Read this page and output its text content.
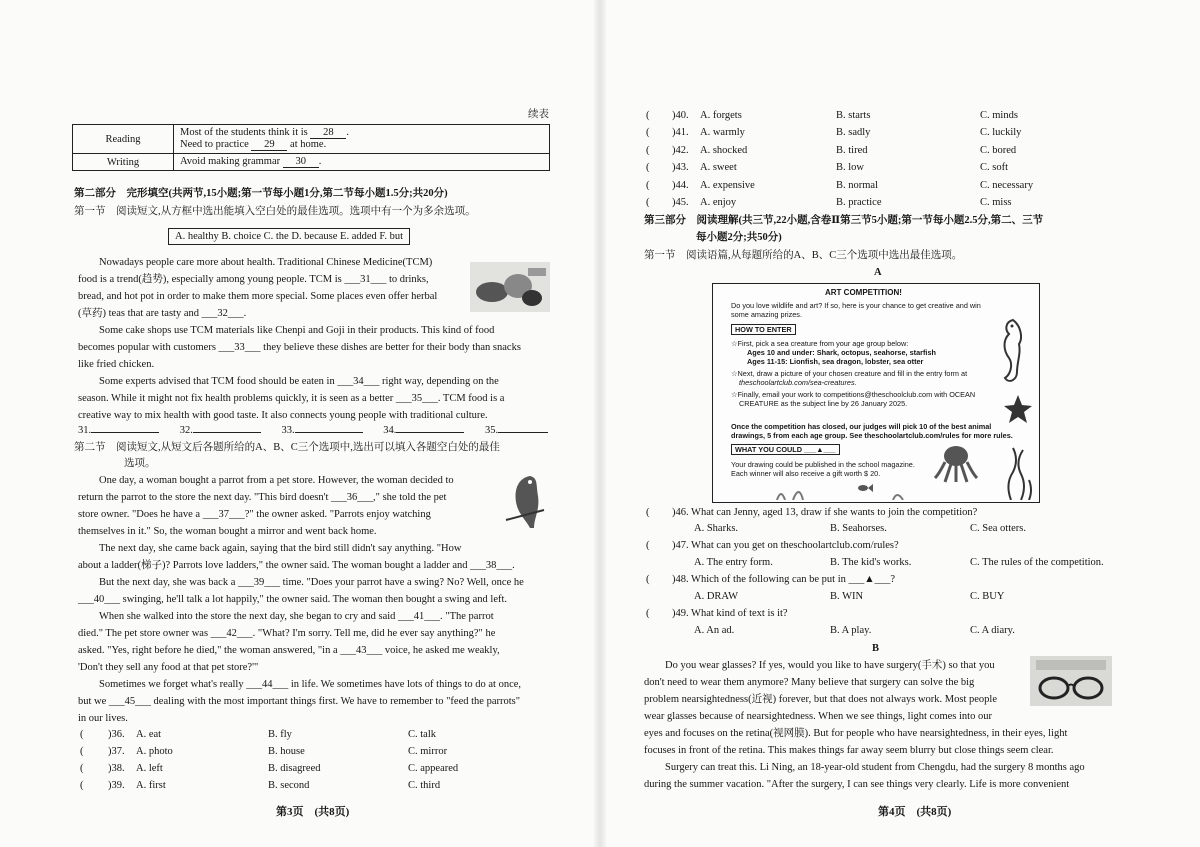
续表
Reading	Most of the students think it is 28 .
Need to practice 29 at home.

Writing	Avoid making grammar 30 .
第二部分　完形填空(共两节,15小题;第一节每小题1分,第二节每小题1.5分;共20分)
第一节　阅读短文,从方框中选出能填入空白处的最佳选项。选项中有一个为多余选项。
A. healthy B. choice C. the D. because E. added F. but

Nowadays people care more about health. Traditional Chinese Medicine(TCM)

food is a trend(趋势), especially among young people. TCM is ___31___ to drinks,

bread, and hot pot in order to make them more special. Some places even offer herbal

(草药) teas that are tasty and ___32___.

Some cake shops use TCM materials like Chenpi and Goji in their products. This kind of food

becomes popular with customers ___33___ they believe these dishes are better for their body than snacks

like fried chicken.

Some experts advised that TCM food should be eaten in ___34___ right way, depending on the

season. While it might not fix health problems quickly, it is seen as a better ___35___. TCM food is a

creative way to mix health with good taste. It also connects young people with traditional culture.

31.	32.	33.	34.	35.
第二节　阅读短文,从短文后各题所给的A、B、C三个选项中,选出可以填入各题空白处的最佳
选项。

One day, a woman bought a parrot from a pet store. However, the woman decided to

return the parrot to the store the next day. "This bird doesn't ___36___," she told the pet

store owner. "Does he have a ___37___?" the owner asked. "Parrots enjoy watching

themselves in it." So, the woman bought a mirror and went back home.

The next day, she came back again, saying that the bird still didn't say anything. "How

about a ladder(梯子)? Parrots love ladders," the owner said. The woman bought a ladder and ___38___.

But the next day, she was back a ___39___ time. "Does your parrot have a swing? No? Well, once he

___40___ swinging, he'll talk a lot happily," the owner said. The woman then bought a swing and left.

When she walked into the store the next day, she began to cry and said ___41___. "The parrot

died." The pet store owner was ___42___. "What? I'm sorry. Tell me, did he ever say anything?" he

asked. "Yes, right before he died," the woman answered, "in a ___43___ voice, he asked me weakly,

'Don't they sell any food at that pet store?'"

Sometimes we forget what's really ___44___ in life. We sometimes have lots of things to do at once,

but we ___45___ dealing with the most important things first. We have to remember to "feed the parrots"

in our lives.

( )36. A. eat	B. fly	C. talk
( )37. A. photo	B. house	C. mirror
( )38. A. left	B. disagreed	C. appeared
( )39. A. first	B. second	C. third
第3页　(共8页)
( )40. A. forgets	B. starts	C. minds
( )41. A. warmly	B. sadly	C. luckily
( )42. A. shocked	B. tired	C. bored
( )43. A. sweet	B. low	C. soft
( )44. A. expensive	B. normal	C. necessary
( )45. A. enjoy	B. practice	C. miss
第三部分　阅读理解(共三节,22小题,含卷Ⅱ第三节5小题;第一节每小题2.5分,第二、三节
每小题2分;共50分)
第一节　阅读语篇,从每题所给的A、B、C三个选项中选出最佳选项。
A
ART COMPETITION!
Do you love wildlife and art? If so, here is your chance to get creative and win
some amazing prizes.
HOW TO ENTER
☆First, pick a sea creature from your age group below:
Ages 10 and under: Shark, octopus, seahorse, starfish
Ages 11-15: Lionfish, sea dragon, lobster, sea otter
☆Next, draw a picture of your chosen creature and fill in the entry form at
theschoolartclub.com/sea-creatures.
☆Finally, email your work to competitions@theschoolclub.com with OCEAN
CREATURE as the subject line by 26 January 2025.
Once the competition has closed, our judges will pick 10 of the best animal
drawings, 5 from each age group. See theschoolartclub.com/rules for more rules.
WHAT YOU COULD ___▲___
Your drawing could be published in the school magazine.
Each winner will also receive a gift worth $ 20.
( )46. What can Jenny, aged 13, draw if she wants to join the competition?
A. Sharks.	B. Seahorses.	C. Sea otters.
( )47. What can you get on theschoolartclub.com/rules?
A. The entry form.	B. The kid's works.	C. The rules of the competition.
( )48. Which of the following can be put in ___▲___?
A. DRAW	B. WIN	C. BUY
( )49. What kind of text is it?
A. An ad.	B. A play.	C. A diary.
B

Do you wear glasses? If yes, would you like to have surgery(手术) so that you

don't need to wear them anymore? Many believe that surgery can solve the big

problem nearsightedness(近视) forever, but that does not always work. Most people

wear glasses because of nearsightedness. When we see things, light comes into our

eyes and focuses on the retina(视网膜). But for people who have nearsightedness, in their eyes, light

focuses in front of the retina. This makes things far away seem blurry but close things seem clear.

Surgery can treat this. Li Ning, an 18-year-old student from Chengdu, had the surgery 8 months ago

during the summer vacation. "After the surgery, I can see things very clearly. Life is more convenient

第4页　(共8页)
